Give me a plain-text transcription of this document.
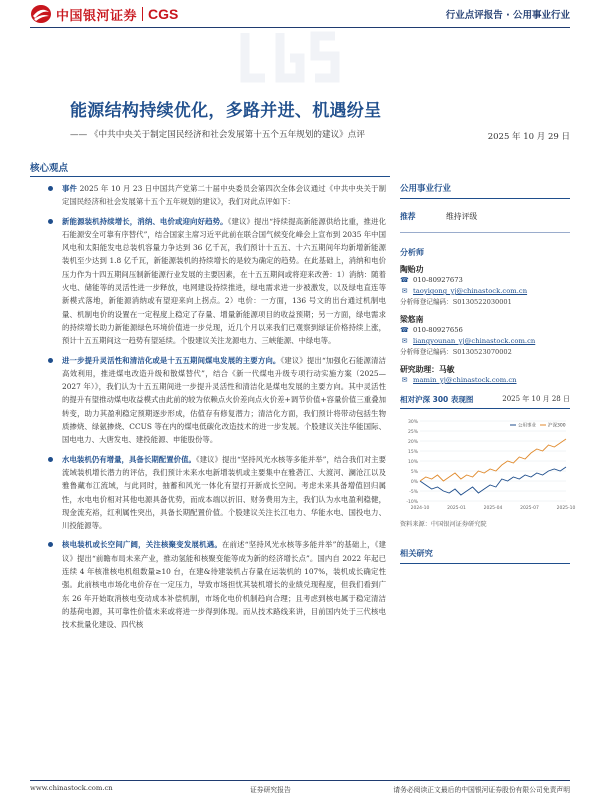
中国银河证券 CGS	行业点评报告 · 公用事业行业
能源结构持续优化，多路并进、机遇纷呈
—— 《中共中央关于制定国民经济和社会发展第十五个五年规划的建议》点评	2025 年 10 月 29 日
核心观点
事件 2025 年 10 月 23 日中国共产党第二十届中央委员会第四次全体会议通过《中共中央关于制定国民经济和社会发展第十五个五年规划的建议》，我们对此点评如下：
新能源装机持续增长，消纳、电价或迎向好趋势。《建议》提出“持续提高新能源供给比重，推进化石能源安全可靠有序替代”，结合国家主席习近平此前在联合国气候变化峰会上宣布到 2035 年中国风电和太阳能发电总装机容量力争达到 36 亿千瓦，我们预计十五五、十六五期间年均新增新能源装机至少达到 1.8 亿千瓦，新能源装机的持续增长的是较为确定的趋势。在此基础上，消纳和电价压力作为十四五期间压制新能源行业发展的主要因素，在十五五期间或将迎来改善：1）消纳：随着火电、储能等的灵活性进一步释放，电网建设持续推进，绿电需求进一步被激发，以及绿电直连等新模式落地，新能源消纳或有望迎来向上拐点。2）电价：一方面，136 号文的出台通过机制电量、机制电价的设置在一定程度上稳定了存量、增量新能源项目的收益预期；另一方面，绿电需求的持续增长助力新能源绿色环境价值进一步兑现，近几个月以来我们已观察到绿证价格持续上涨，预计十五五期间这一趋势有望延续。个股建议关注龙源电力、三峡能源、中绿电等。
进一步提升灵活性和清洁化或是十五五期间煤电发展的主要方向。《建议》提出“加强化石能源清洁高效利用，推进煤电改造升级和散煤替代”，结合《新一代煤电升级专项行动实施方案（2025—2027 年）》，我们认为十五五期间进一步提升灵活性和清洁化是煤电发展的主要方向。其中灵活性的提升有望推动煤电收益模式由此前的较为依赖点火价差向点火价差+调节价值+容量价值三重叠加转变，助力其盈利稳定预期逐步形成，估值存有修复潜力；清洁化方面，我们预计将带动包括生物质掺烧、绿氨掺烧、CCUS 等在内的煤电低碳化改造技术的进一步发展。个股建议关注华能国际、国电电力、大唐发电、建投能源、申能股份等。
水电装机仍有增量，具备长期配置价值。《建议》提出“坚持风光水核等多能并举”，结合我们对主要流域装机增长潜力的评估，我们预计未来水电新增装机或主要集中在雅砻江、大渡河、澜沧江以及雅鲁藏布江流域，与此同时，抽蓄和风光一体化有望打开新成长空间。考虑未来具备增值回归属性，水电电价相对其他电源具备优势，而成本端以折旧、财务费用为主，我们认为水电盈利稳健，现金流充裕，红利属性突出，具备长期配置价值。个股建议关注长江电力、华能水电、国投电力、川投能源等。
核电装机或长空间广阔，关注核聚变发展机遇。在前述“坚持风光水核等多能并举”的基础上，《建议》提出“前瞻布局未来产业，推动氢能和核聚变能等成为新的经济增长点”。国内自 2022 年起已连续 4 年核准核电机组数量≥10 台，在建&待建装机占存量在运装机的 107%，装机成长确定性强。此前核电市场化电价存在一定压力，导致市场担忧其装机增长的业绩兑现程度，但我们看到广东 26 年开始取消核电变动成本补偿机制，市场化电价机制趋向合理；且考虑到核电属于稳定清洁的基荷电源，其可靠性价值未来或将进一步得到体现。而从技术路线来讲，目前国内处于三代核电技术批量化建设、四代核
公用事业行业
推荐	维持评级
分析师
陶贻功
☎ 010-80927673
✉ taoyigong_yj@chinastock.com.cn
分析师登记编码：S0130522030001
梁悠南
☎ 010-80927656
✉ liangyounan_yj@chinastock.com.cn
分析师登记编码：S0130523070002
研究助理：马敏
✉ mamin_yj@chinastock.com.cn
相对沪深 300 表现图	2025 年 10 月 28 日
30%
25%
20%
15%
10%
5%
0%
-5%
-10%
2024-10	2025-01	2025-04	2025-07	2025-10
公用事业	沪深300
资料来源：中国银河证券研究院
相关研究
www.chinastock.com.cn	证券研究报告	请务必阅读正文最后的中国银河证券股份有限公司免责声明
